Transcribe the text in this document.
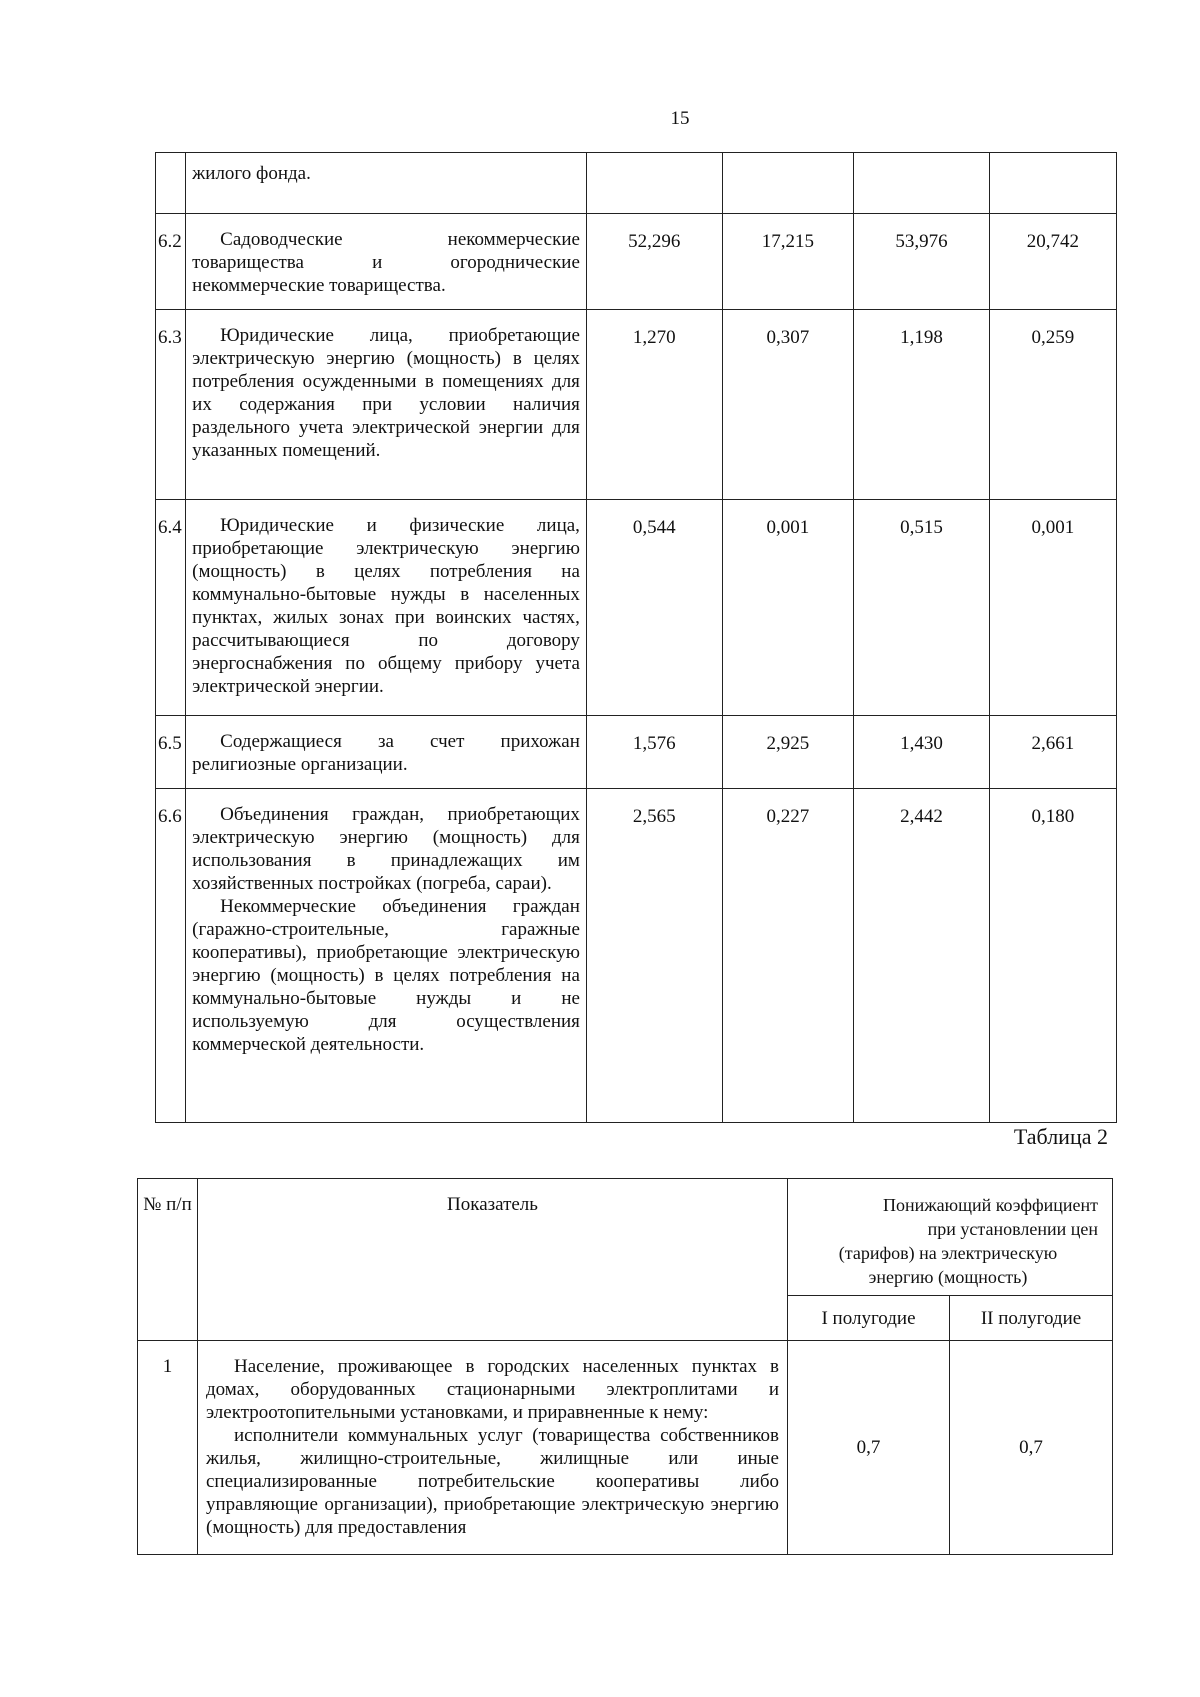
15

	жилого фонда.				

6.2	Садоводческие некоммерческие товарищества и огороднические некоммерческие товарищества.	52,296	17,215	53,976	20,742
6.3	Юридические лица, приобретающие электрическую энергию (мощность) в целях потребления осужденными в помещениях для их содержания при условии наличия раздельного учета электрической энергии для указанных помещений.	1,270	0,307	1,198	0,259
6.4	Юридические и физические лица, приобретающие электрическую энергию (мощность) в целях потребления на коммунально-бытовые нужды в населенных пунктах, жилых зонах при воинских частях, рассчитывающиеся по договору энергоснабжения по общему прибору учета электрической энергии.	0,544	0,001	0,515	0,001
6.5	Содержащиеся за счет прихожан религиозные организации.	1,576	2,925	1,430	2,661
6.6	Объединения граждан, приобретающих электрическую энергию (мощность) для использования в принадлежащих им хозяйственных постройках (погреба, сараи).
Некоммерческие объединения граждан (гаражно-строительные, гаражные кооперативы), приобретающие электрическую энергию (мощность) в целях потребления на коммунально-бытовые нужды и не используемую для осуществления коммерческой деятельности.	2,565	0,227	2,442	0,180
Таблица 2
№ п/п	Показатель	Понижающий коэффициент
при установлении цен
(тарифов) на электрическую
энергию (мощность)	

		I полугодие	II полугодие
1	Население, проживающее в городских населенных пунктах в домах, оборудованных стационарными электроплитами и электроотопительными установками, и приравненные к нему:

исполнители коммунальных услуг (товарищества собственников жилья, жилищно-строительные, жилищные или иные специализированные потребительские кооперативы либо управляющие организации), приобретающие электрическую энергию (мощность) для предоставления	0,7	0,7
